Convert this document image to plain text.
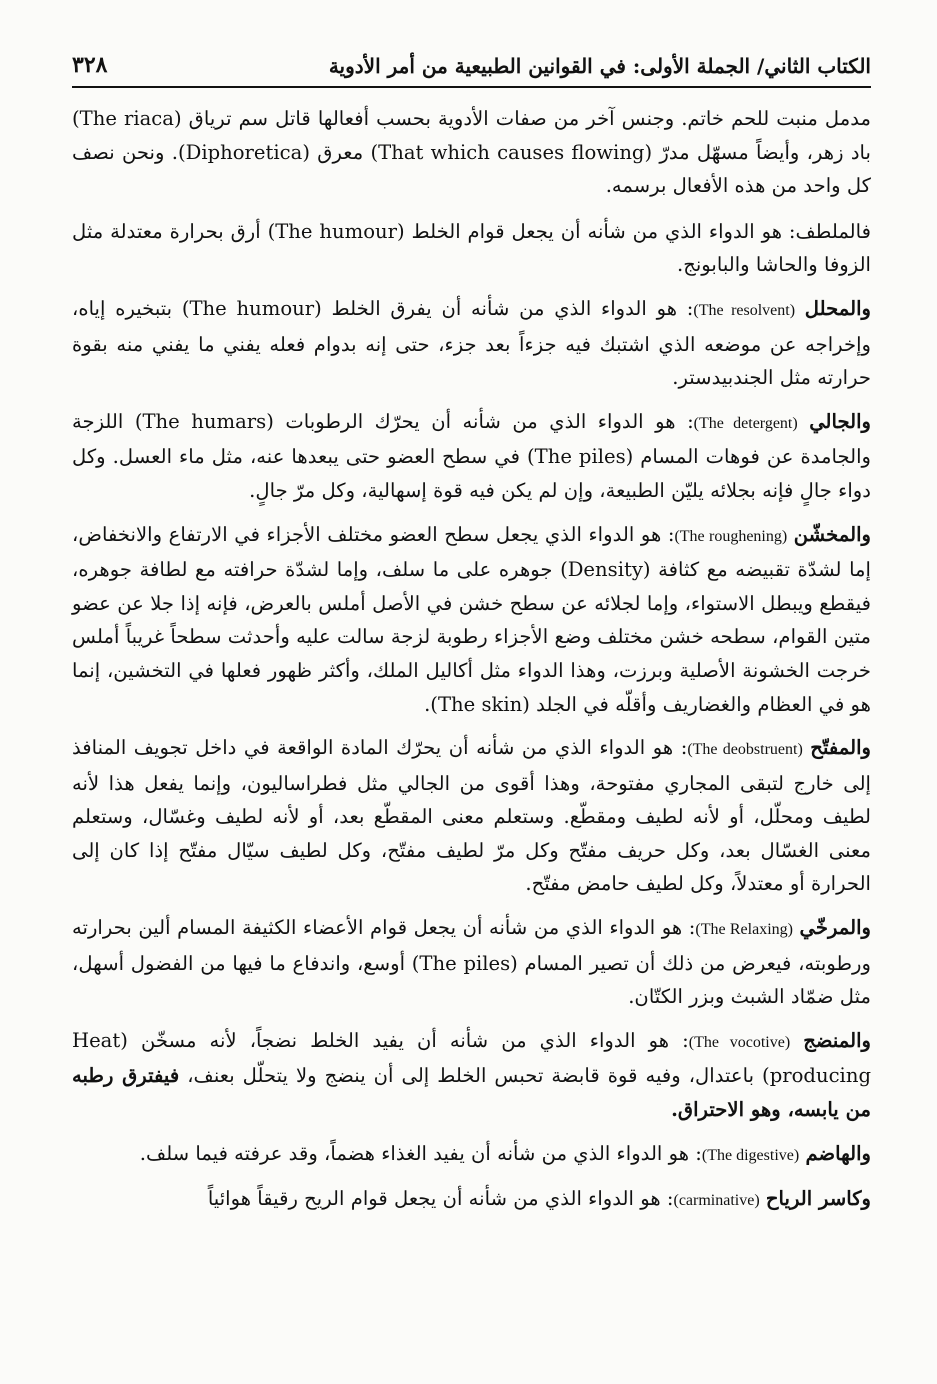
الكتاب الثاني/ الجملة الأولى: في القوانين الطبيعية من أمر الأدوية
٣٢٨

مدمل منبت للحم خاتم. وجنس آخر من صفات الأدوية بحسب أفعالها قاتل سم ترياق (The riaca) باد زهر، وأيضاً مسهّل مدرّ (That which causes flowing) معرق (Diphoretica). ونحن نصف كل واحد من هذه الأفعال برسمه.

فالملطف: هو الدواء الذي من شأنه أن يجعل قوام الخلط (The humour) أرق بحرارة معتدلة مثل الزوفا والحاشا والبابونج.

والمحلل (The resolvent): هو الدواء الذي من شأنه أن يفرق الخلط (The humour) بتبخيره إياه، وإخراجه عن موضعه الذي اشتبك فيه جزءاً بعد جزء، حتى إنه بدوام فعله يفني ما يفني منه بقوة حرارته مثل الجندبيدستر.

والجالي (The detergent): هو الدواء الذي من شأنه أن يحرّك الرطوبات (The humars) اللزجة والجامدة عن فوهات المسام (The piles) في سطح العضو حتى يبعدها عنه، مثل ماء العسل. وكل دواء جالٍ فإنه بجلائه يليّن الطبيعة، وإن لم يكن فيه قوة إسهالية، وكل مرّ جالٍ.

والمخشّن (The roughening): هو الدواء الذي يجعل سطح العضو مختلف الأجزاء في الارتفاع والانخفاض، إما لشدّة تقبيضه مع كثافة (Density) جوهره على ما سلف، وإما لشدّة حرافته مع لطافة جوهره، فيقطع ويبطل الاستواء، وإما لجلائه عن سطح خشن في الأصل أملس بالعرض، فإنه إذا جلا عن عضو متين القوام، سطحه خشن مختلف وضع الأجزاء رطوبة لزجة سالت عليه وأحدثت سطحاً غريباً أملس خرجت الخشونة الأصلية وبرزت، وهذا الدواء مثل أكاليل الملك، وأكثر ظهور فعلها في التخشين، إنما هو في العظام والغضاريف وأقلّه في الجلد (The skin).

والمفتّح (The deobstruent): هو الدواء الذي من شأنه أن يحرّك المادة الواقعة في داخل تجويف المنافذ إلى خارج لتبقى المجاري مفتوحة، وهذا أقوى من الجالي مثل فطراساليون، وإنما يفعل هذا لأنه لطيف ومحلّل، أو لأنه لطيف ومقطّع. وستعلم معنى المقطّع بعد، أو لأنه لطيف وغسّال، وستعلم معنى الغسّال بعد، وكل حريف مفتّح وكل مرّ لطيف مفتّح، وكل لطيف سيّال مفتّح إذا كان إلى الحرارة أو معتدلاً، وكل لطيف حامض مفتّح.

والمرخّي (The Relaxing): هو الدواء الذي من شأنه أن يجعل قوام الأعضاء الكثيفة المسام ألين بحرارته ورطوبته، فيعرض من ذلك أن تصير المسام (The piles) أوسع، واندفاع ما فيها من الفضول أسهل، مثل ضمّاد الشبث وبزر الكتّان.

والمنضج (The vocotive): هو الدواء الذي من شأنه أن يفيد الخلط نضجاً، لأنه مسخّن (Heat producing) باعتدال، وفيه قوة قابضة تحبس الخلط إلى أن ينضج ولا يتحلّل بعنف، فيفترق رطبه من يابسه، وهو الاحتراق.

والهاضم (The digestive): هو الدواء الذي من شأنه أن يفيد الغذاء هضماً، وقد عرفته فيما سلف.

وكاسر الرياح (carminative): هو الدواء الذي من شأنه أن يجعل قوام الريح رقيقاً هوائياً
